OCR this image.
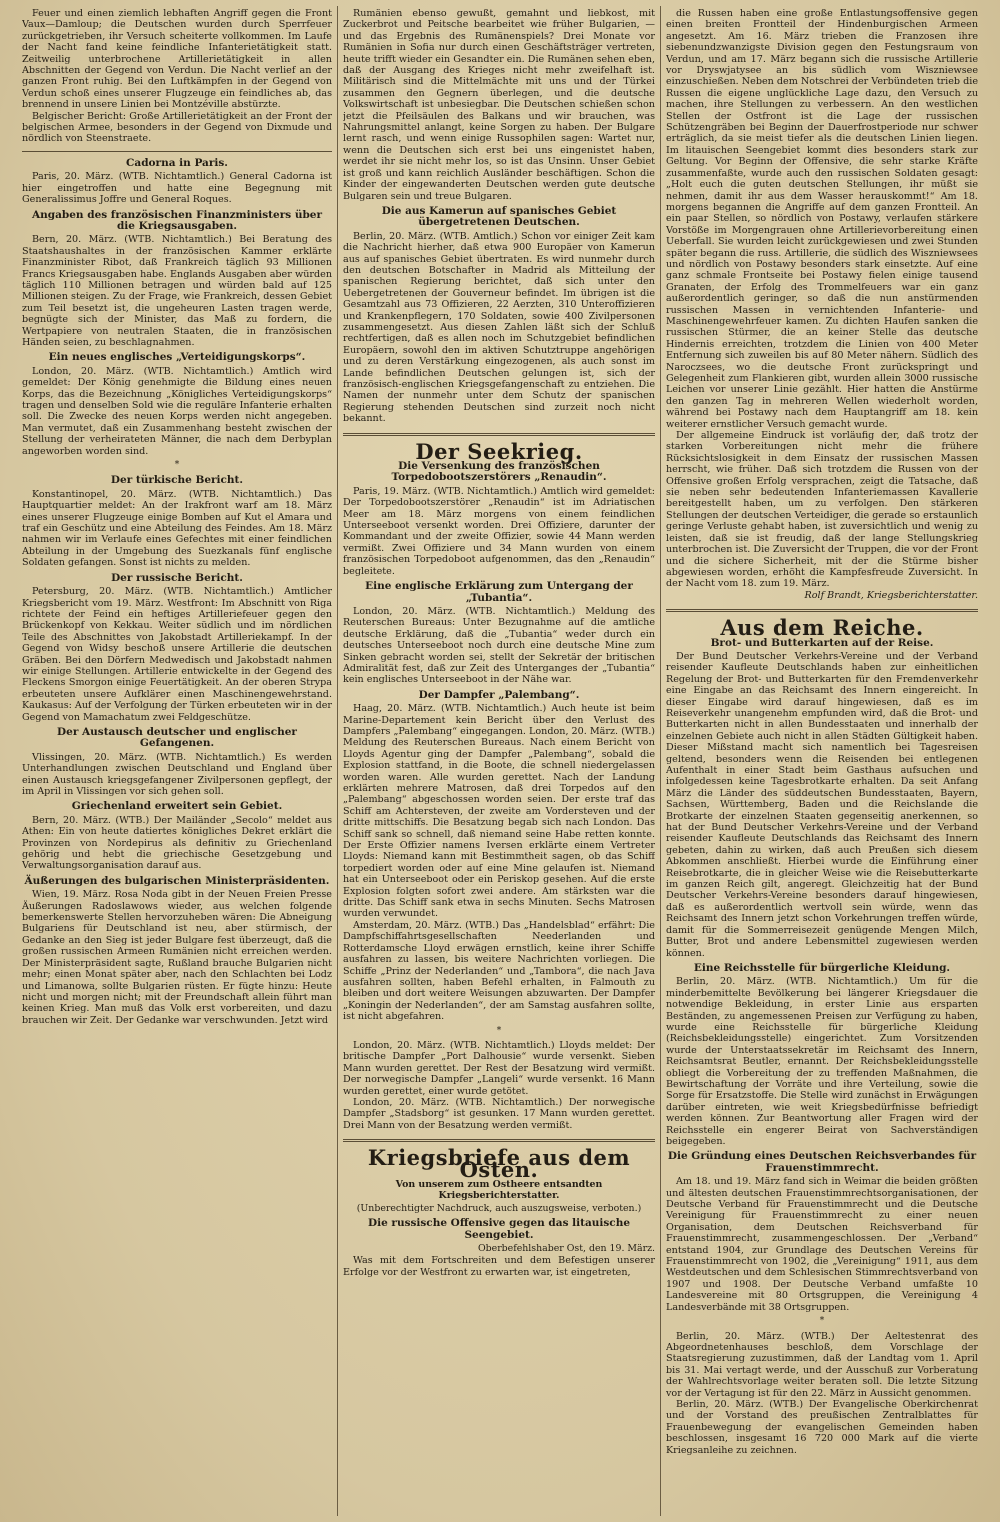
Feuer und einen ziemlich lebhaften Angriff gegen die Front Vaux—Damloup; die Deutschen wurden durch Sperrfeuer zurückgetrieben, ihr Versuch scheiterte vollkommen. Im Laufe der Nacht fand keine feindliche Infanterietätigkeit statt. Zeitweilig unterbrochene Artillerietätigkeit in allen Abschnitten der Gegend von Verdun. Die Nacht verlief an der ganzen Front ruhig. Bei den Luftkämpfen in der Gegend von Verdun schoß eines unserer Flugzeuge ein feindliches ab, das brennend in unsere Linien bei Montzéville abstürzte.

Belgischer Bericht: Große Artillerietätigkeit an der Front der belgischen Armee, besonders in der Gegend von Dixmude und nördlich von Steenstraete.

Cadorna in Paris.

Paris, 20. März. (WTB. Nichtamtlich.) General Cadorna ist hier eingetroffen und hatte eine Begegnung mit Generalissimus Joffre und General Roques.

Angaben des französischen Finanzministers über die Kriegsausgaben.

Bern, 20. März. (WTB. Nichtamtlich.) Bei Beratung des Staatshaushaltes in der französischen Kammer erklärte Finanzminister Ribot, daß Frankreich täglich 93 Millionen Francs Kriegsausgaben habe. Englands Ausgaben aber würden täglich 110 Millionen betragen und würden bald auf 125 Millionen steigen. Zu der Frage, wie Frankreich, dessen Gebiet zum Teil besetzt ist, die ungeheuren Lasten tragen werde, begnügte sich der Minister, das Maß zu fordern, die Wertpapiere von neutralen Staaten, die in französischen Händen seien, zu beschlagnahmen.

Ein neues englisches „Verteidigungskorps“.

London, 20. März. (WTB. Nichtamtlich.) Amtlich wird gemeldet: Der König genehmigte die Bildung eines neuen Korps, das die Bezeichnung „Königliches Verteidigungskorps“ tragen und denselben Sold wie die reguläre Infanterie erhalten soll. Die Zwecke des neuen Korps werden nicht angegeben. Man vermutet, daß ein Zusammenhang besteht zwischen der Stellung der verheirateten Männer, die nach dem Derbyplan angeworben worden sind.

*
Der türkische Bericht.

Konstantinopel, 20. März. (WTB. Nichtamtlich.) Das Hauptquartier meldet: An der Irakfront warf am 18. März eines unserer Flugzeuge einige Bomben auf Kut el Amara und traf ein Geschütz und eine Abteilung des Feindes. Am 18. März nahmen wir im Verlaufe eines Gefechtes mit einer feindlichen Abteilung in der Umgebung des Suezkanals fünf englische Soldaten gefangen. Sonst ist nichts zu melden.

Der russische Bericht.

Petersburg, 20. März. (WTB. Nichtamtlich.) Amtlicher Kriegsbericht vom 19. März. Westfront: Im Abschnitt von Riga richtete der Feind ein heftiges Artilleriefeuer gegen den Brückenkopf von Kekkau. Weiter südlich und im nördlichen Teile des Abschnittes von Jakobstadt Artilleriekampf. In der Gegend von Widsy beschoß unsere Artillerie die deutschen Gräben. Bei den Dörfern Medwedisch und Jakobstadt nahmen wir einige Stellungen. Artillerie entwickelte in der Gegend des Fleckens Smorgon einige Feuertätigkeit. An der oberen Strypa erbeuteten unsere Aufklärer einen Maschinengewehrstand. Kaukasus: Auf der Verfolgung der Türken erbeuteten wir in der Gegend von Mamachatum zwei Feldgeschütze.

Der Austausch deutscher und englischer Gefangenen.

Vlissingen, 20. März. (WTB. Nichtamtlich.) Es werden Unterhandlungen zwischen Deutschland und England über einen Austausch kriegsgefangener Zivilpersonen gepflegt, der im April in Vlissingen vor sich gehen soll.

Griechenland erweitert sein Gebiet.

Bern, 20. März. (WTB.) Der Mailänder „Secolo“ meldet aus Athen: Ein von heute datiertes königliches Dekret erklärt die Provinzen von Nordepirus als definitiv zu Griechenland gehörig und hebt die griechische Gesetzgebung und Verwaltungsorganisation darauf aus.

Äußerungen des bulgarischen Ministerpräsidenten.

Wien, 19. März. Rosa Noda gibt in der Neuen Freien Presse Äußerungen Radoslawows wieder, aus welchen folgende bemerkenswerte Stellen hervorzuheben wären: Die Abneigung Bulgariens für Deutschland ist neu, aber stürmisch, der Gedanke an den Sieg ist jeder Bulgare fest überzeugt, daß die großen russischen Armeen Rumänien nicht erreichen werden. Der Ministerpräsident sagte, Rußland brauche Bulgarien nicht mehr; einen Monat später aber, nach den Schlachten bei Lodz und Limanowa, sollte Bulgarien rüsten. Er fügte hinzu: Heute nicht und morgen nicht; mit der Freundschaft allein führt man keinen Krieg. Man muß das Volk erst vorbereiten, und dazu brauchen wir Zeit. Der Gedanke war verschwunden. Jetzt wird

Rumänien ebenso gewußt, gemahnt und liebkost, mit Zuckerbrot und Peitsche bearbeitet wie früher Bulgarien, — und das Ergebnis des Rumänenspiels? Drei Monate vor Rumänien in Sofia nur durch einen Geschäftsträger vertreten, heute trifft wieder ein Gesandter ein. Die Rumänen sehen eben, daß der Ausgang des Krieges nicht mehr zweifelhaft ist. Militärisch sind die Mittelmächte mit uns und der Türkei zusammen den Gegnern überlegen, und die deutsche Volkswirtschaft ist unbesiegbar. Die Deutschen schießen schon jetzt die Pfeilsäulen des Balkans und wir brauchen, was Nahrungsmittel anlangt, keine Sorgen zu haben. Der Bulgare lernt rasch, und wenn einige Russophilen sagen: Wartet nur, wenn die Deutschen sich erst bei uns eingenistet haben, werdet ihr sie nicht mehr los, so ist das Unsinn. Unser Gebiet ist groß und kann reichlich Ausländer beschäftigen. Schon die Kinder der eingewanderten Deutschen werden gute deutsche Bulgaren sein und treue Bulgaren.

Die aus Kamerun auf spanisches Gebiet übergetretenen Deutschen.

Berlin, 20. März. (WTB. Amtlich.) Schon vor einiger Zeit kam die Nachricht hierher, daß etwa 900 Europäer von Kamerun aus auf spanisches Gebiet übertraten. Es wird nunmehr durch den deutschen Botschafter in Madrid als Mitteilung der spanischen Regierung berichtet, daß sich unter den Uebergetretenen der Gouverneur befindet. Im übrigen ist die Gesamtzahl aus 73 Offizieren, 22 Aerzten, 310 Unteroffizieren und Krankenpflegern, 170 Soldaten, sowie 400 Zivilpersonen zusammengesetzt. Aus diesen Zahlen läßt sich der Schluß rechtfertigen, daß es allen noch im Schutzgebiet befindlichen Europäern, sowohl den im aktiven Schutztruppe angehörigen und zu deren Verstärkung eingezogenen, als auch sonst im Lande befindlichen Deutschen gelungen ist, sich der französisch-englischen Kriegsgefangenschaft zu entziehen. Die Namen der nunmehr unter dem Schutz der spanischen Regierung stehenden Deutschen sind zurzeit noch nicht bekannt.

Der Seekrieg.
Die Versenkung des französischen Torpedobootszerstörers „Renaudin“.

Paris, 19. März. (WTB. Nichtamtlich.) Amtlich wird gemeldet: Der Torpedobootszerstörer „Renaudin“ ist im Adriatischen Meer am 18. März morgens von einem feindlichen Unterseeboot versenkt worden. Drei Offiziere, darunter der Kommandant und der zweite Offizier, sowie 44 Mann werden vermißt. Zwei Offiziere und 34 Mann wurden von einem französischen Torpedoboot aufgenommen, das den „Renaudin“ begleitete.

Eine englische Erklärung zum Untergang der „Tubantia“.

London, 20. März. (WTB. Nichtamtlich.) Meldung des Reuterschen Bureaus: Unter Bezugnahme auf die amtliche deutsche Erklärung, daß die „Tubantia“ weder durch ein deutsches Unterseeboot noch durch eine deutsche Mine zum Sinken gebracht worden sei, stellt der Sekretär der britischen Admiralität fest, daß zur Zeit des Unterganges der „Tubantia“ kein englisches Unterseeboot in der Nähe war.

Der Dampfer „Palembang“.

Haag, 20. März. (WTB. Nichtamtlich.) Auch heute ist beim Marine-Departement kein Bericht über den Verlust des Dampfers „Palembang“ eingegangen. London, 20. März. (WTB.) Meldung des Reuterschen Bureaus. Nach einem Bericht von Lloyds Agentur ging der Dampfer „Palembang“, sobald die Explosion stattfand, in die Boote, die schnell niedergelassen worden waren. Alle wurden gerettet. Nach der Landung erklärten mehrere Matrosen, daß drei Torpedos auf den „Palembang“ abgeschossen worden seien. Der erste traf das Schiff am Achtersteven, der zweite am Vordersteven und der dritte mittschiffs. Die Besatzung begab sich nach London. Das Schiff sank so schnell, daß niemand seine Habe retten konnte. Der Erste Offizier namens Iversen erklärte einem Vertreter Lloyds: Niemand kann mit Bestimmtheit sagen, ob das Schiff torpediert worden oder auf eine Mine gelaufen ist. Niemand hat ein Unterseeboot oder ein Periskop gesehen. Auf die erste Explosion folgten sofort zwei andere. Am stärksten war die dritte. Das Schiff sank etwa in sechs Minuten. Sechs Matrosen wurden verwundet.

Amsterdam, 20. März. (WTB.) Das „Handelsblad“ erfährt: Die Dampfschiffahrtsgesellschaften Neederlanden und Rotterdamsche Lloyd erwägen ernstlich, keine ihrer Schiffe ausfahren zu lassen, bis weitere Nachrichten vorliegen. Die Schiffe „Prinz der Nederlanden“ und „Tambora“, die nach Java ausfahren sollten, haben Befehl erhalten, in Falmouth zu bleiben und dort weitere Weisungen abzuwarten. Der Dampfer „Koningin der Nederlanden“, der am Samstag ausfahren sollte, ist nicht abgefahren.

*

London, 20. März. (WTB. Nichtamtlich.) Lloyds meldet: Der britische Dampfer „Port Dalhousie“ wurde versenkt. Sieben Mann wurden gerettet. Der Rest der Besatzung wird vermißt. Der norwegische Dampfer „Langeli“ wurde versenkt. 16 Mann wurden gerettet, einer wurde getötet.

London, 20. März. (WTB. Nichtamtlich.) Der norwegische Dampfer „Stadsborg“ ist gesunken. 17 Mann wurden gerettet. Drei Mann von der Besatzung werden vermißt.

Kriegsbriefe aus dem Osten.
Von unserem zum Ostheere entsandten Kriegsberichterstatter.
(Unberechtigter Nachdruck, auch auszugsweise, verboten.)
Die russische Offensive gegen das litauische Seengebiet.
Oberbefehlshaber Ost, den 19. März.

Was mit dem Fortschreiten und dem Befestigen unserer Erfolge vor der Westfront zu erwarten war, ist eingetreten,

die Russen haben eine große Entlastungsoffensive gegen einen breiten Frontteil der Hindenburgischen Armeen angesetzt. Am 16. März trieben die Franzosen ihre siebenundzwanzigste Division gegen den Festungsraum von Verdun, und am 17. März begann sich die russische Artillerie vor Dryswjatysee an bis südlich vom Wiszniewsee einzuschießen. Neben dem Notschrei der Verbündeten trieb die Russen die eigene unglückliche Lage dazu, den Versuch zu machen, ihre Stellungen zu verbessern. An den westlichen Stellen der Ostfront ist die Lage der russischen Schützengräben bei Beginn der Dauerfrostperiode nur schwer erträglich, da sie meist tiefer als die deutschen Linien liegen. Im litauischen Seengebiet kommt dies besonders stark zur Geltung. Vor Beginn der Offensive, die sehr starke Kräfte zusammenfaßte, wurde auch den russischen Soldaten gesagt: „Holt euch die guten deutschen Stellungen, ihr müßt sie nehmen, damit ihr aus dem Wasser herauskommt!“ Am 18. morgens begannen die Angriffe auf dem ganzen Frontteil. An ein paar Stellen, so nördlich von Postawy, verlaufen stärkere Vorstöße im Morgengrauen ohne Artillerievorbereitung einen Ueberfall. Sie wurden leicht zurückgewiesen und zwei Stunden später begann die russ. Artillerie, die südlich des Wiszniewsees und nördlich von Postawy besonders stark einsetzte. Auf eine ganz schmale Frontseite bei Postawy fielen einige tausend Granaten, der Erfolg des Trommelfeuers war ein ganz außerordentlich geringer, so daß die nun anstürmenden russischen Massen in vernichtenden Infanterie- und Maschinengewehrfeuer kamen. Zu dichten Haufen sanken die russischen Stürmer, die an keiner Stelle das deutsche Hindernis erreichten, trotzdem die Linien von 400 Meter Entfernung sich zuweilen bis auf 80 Meter nähern. Südlich des Naroczsees, wo die deutsche Front zurückspringt und Gelegenheit zum Flankieren gibt, wurden allein 3000 russische Leichen vor unserer Linie gezählt. Hier hatten die Anstürme den ganzen Tag in mehreren Wellen wiederholt worden, während bei Postawy nach dem Hauptangriff am 18. kein weiterer ernstlicher Versuch gemacht wurde.

Der allgemeine Eindruck ist vorläufig der, daß trotz der starken Vorbereitungen nicht mehr die frühere Rücksichtslosigkeit in dem Einsatz der russischen Massen herrscht, wie früher. Daß sich trotzdem die Russen von der Offensive großen Erfolg versprachen, zeigt die Tatsache, daß sie neben sehr bedeutenden Infanteriemassen Kavallerie bereitgestellt haben, um zu verfolgen. Den stärkeren Stellungen der deutschen Verteidiger, die gerade so erstaunlich geringe Verluste gehabt haben, ist zuversichtlich und wenig zu leisten, daß sie ist freudig, daß der lange Stellungskrieg unterbrochen ist. Die Zuversicht der Truppen, die vor der Front und die sichere Sicherheit, mit der die Stürme bisher abgewiesen worden, erhöht die Kampfesfreude Zuversicht. In der Nacht vom 18. zum 19. März.

Rolf Brandt, Kriegsberichterstatter.
Aus dem Reiche.
Brot- und Butterkarten auf der Reise.

Der Bund Deutscher Verkehrs-Vereine und der Verband reisender Kaufleute Deutschlands haben zur einheitlichen Regelung der Brot- und Butterkarten für den Fremdenverkehr eine Eingabe an das Reichsamt des Innern eingereicht. In dieser Eingabe wird darauf hingewiesen, daß es im Reiseverkehr unangenehm empfunden wird, daß die Brot- und Butterkarten nicht in allen Bundesstaaten und innerhalb der einzelnen Gebiete auch nicht in allen Städten Gültigkeit haben. Dieser Mißstand macht sich namentlich bei Tagesreisen geltend, besonders wenn die Reisenden bei entlegenen Aufenthalt in einer Stadt beim Gasthaus aufsuchen und infolgedessen keine Tagesbrotkarte erhalten. Da seit Anfang März die Länder des süddeutschen Bundesstaaten, Bayern, Sachsen, Württemberg, Baden und die Reichslande die Brotkarte der einzelnen Staaten gegenseitig anerkennen, so hat der Bund Deutscher Verkehrs-Vereine und der Verband reisender Kaufleute Deutschlands das Reichsamt des Innern gebeten, dahin zu wirken, daß auch Preußen sich diesem Abkommen anschließt. Hierbei wurde die Einführung einer Reisebrotkarte, die in gleicher Weise wie die Reisebutterkarte im ganzen Reich gilt, angeregt. Gleichzeitig hat der Bund Deutscher Verkehrs-Vereine besonders darauf hingewiesen, daß es außerordentlich wertvoll sein würde, wenn das Reichsamt des Innern jetzt schon Vorkehrungen treffen würde, damit für die Sommerreisezeit genügende Mengen Milch, Butter, Brot und andere Lebensmittel zugewiesen werden können.

Eine Reichsstelle für bürgerliche Kleidung.

Berlin, 20. März. (WTB. Nichtamtlich.) Um für die minderbemittelte Bevölkerung bei längerer Kriegsdauer die notwendige Bekleidung, in erster Linie aus ersparten Beständen, zu angemessenen Preisen zur Verfügung zu haben, wurde eine Reichsstelle für bürgerliche Kleidung (Reichsbekleidungsstelle) eingerichtet. Zum Vorsitzenden wurde der Unterstaatssekretär im Reichsamt des Innern, Reichsamtsrat Beutler, ernannt. Der Reichsbekleidungsstelle obliegt die Vorbereitung der zu treffenden Maßnahmen, die Bewirtschaftung der Vorräte und ihre Verteilung, sowie die Sorge für Ersatzstoffe. Die Stelle wird zunächst in Erwägungen darüber eintreten, wie weit Kriegsbedürfnisse befriedigt werden können. Zur Beantwortung aller Fragen wird der Reichsstelle ein engerer Beirat von Sachverständigen beigegeben.

Die Gründung eines Deutschen Reichsverbandes für Frauenstimmrecht.

Am 18. und 19. März fand sich in Weimar die beiden größten und ältesten deutschen Frauenstimmrechtsorganisationen, der Deutsche Verband für Frauenstimmrecht und die Deutsche Vereinigung für Frauenstimmrecht zu einer neuen Organisation, dem Deutschen Reichsverband für Frauenstimmrecht, zusammengeschlossen. Der „Verband“ entstand 1904, zur Grundlage des Deutschen Vereins für Frauenstimmrecht von 1902, die „Vereinigung“ 1911, aus dem Westdeutschen und dem Schlesischen Stimmrechtsverband von 1907 und 1908. Der Deutsche Verband umfaßte 10 Landesvereine mit 80 Ortsgruppen, die Vereinigung 4 Landesverbände mit 38 Ortsgruppen.

*

Berlin, 20. März. (WTB.) Der Aeltestenrat des Abgeordnetenhauses beschloß, dem Vorschlage der Staatsregierung zuzustimmen, daß der Landtag vom 1. April bis 31. Mai vertagt werde, und der Ausschuß zur Vorberatung der Wahlrechtsvorlage weiter beraten soll. Die letzte Sitzung vor der Vertagung ist für den 22. März in Aussicht genommen.

Berlin, 20. März. (WTB.) Der Evangelische Oberkirchenrat und der Vorstand des preußischen Zentralblattes für Frauenbewegung der evangelischen Gemeinden haben beschlossen, insgesamt 16 720 000 Mark auf die vierte Kriegsanleihe zu zeichnen.
